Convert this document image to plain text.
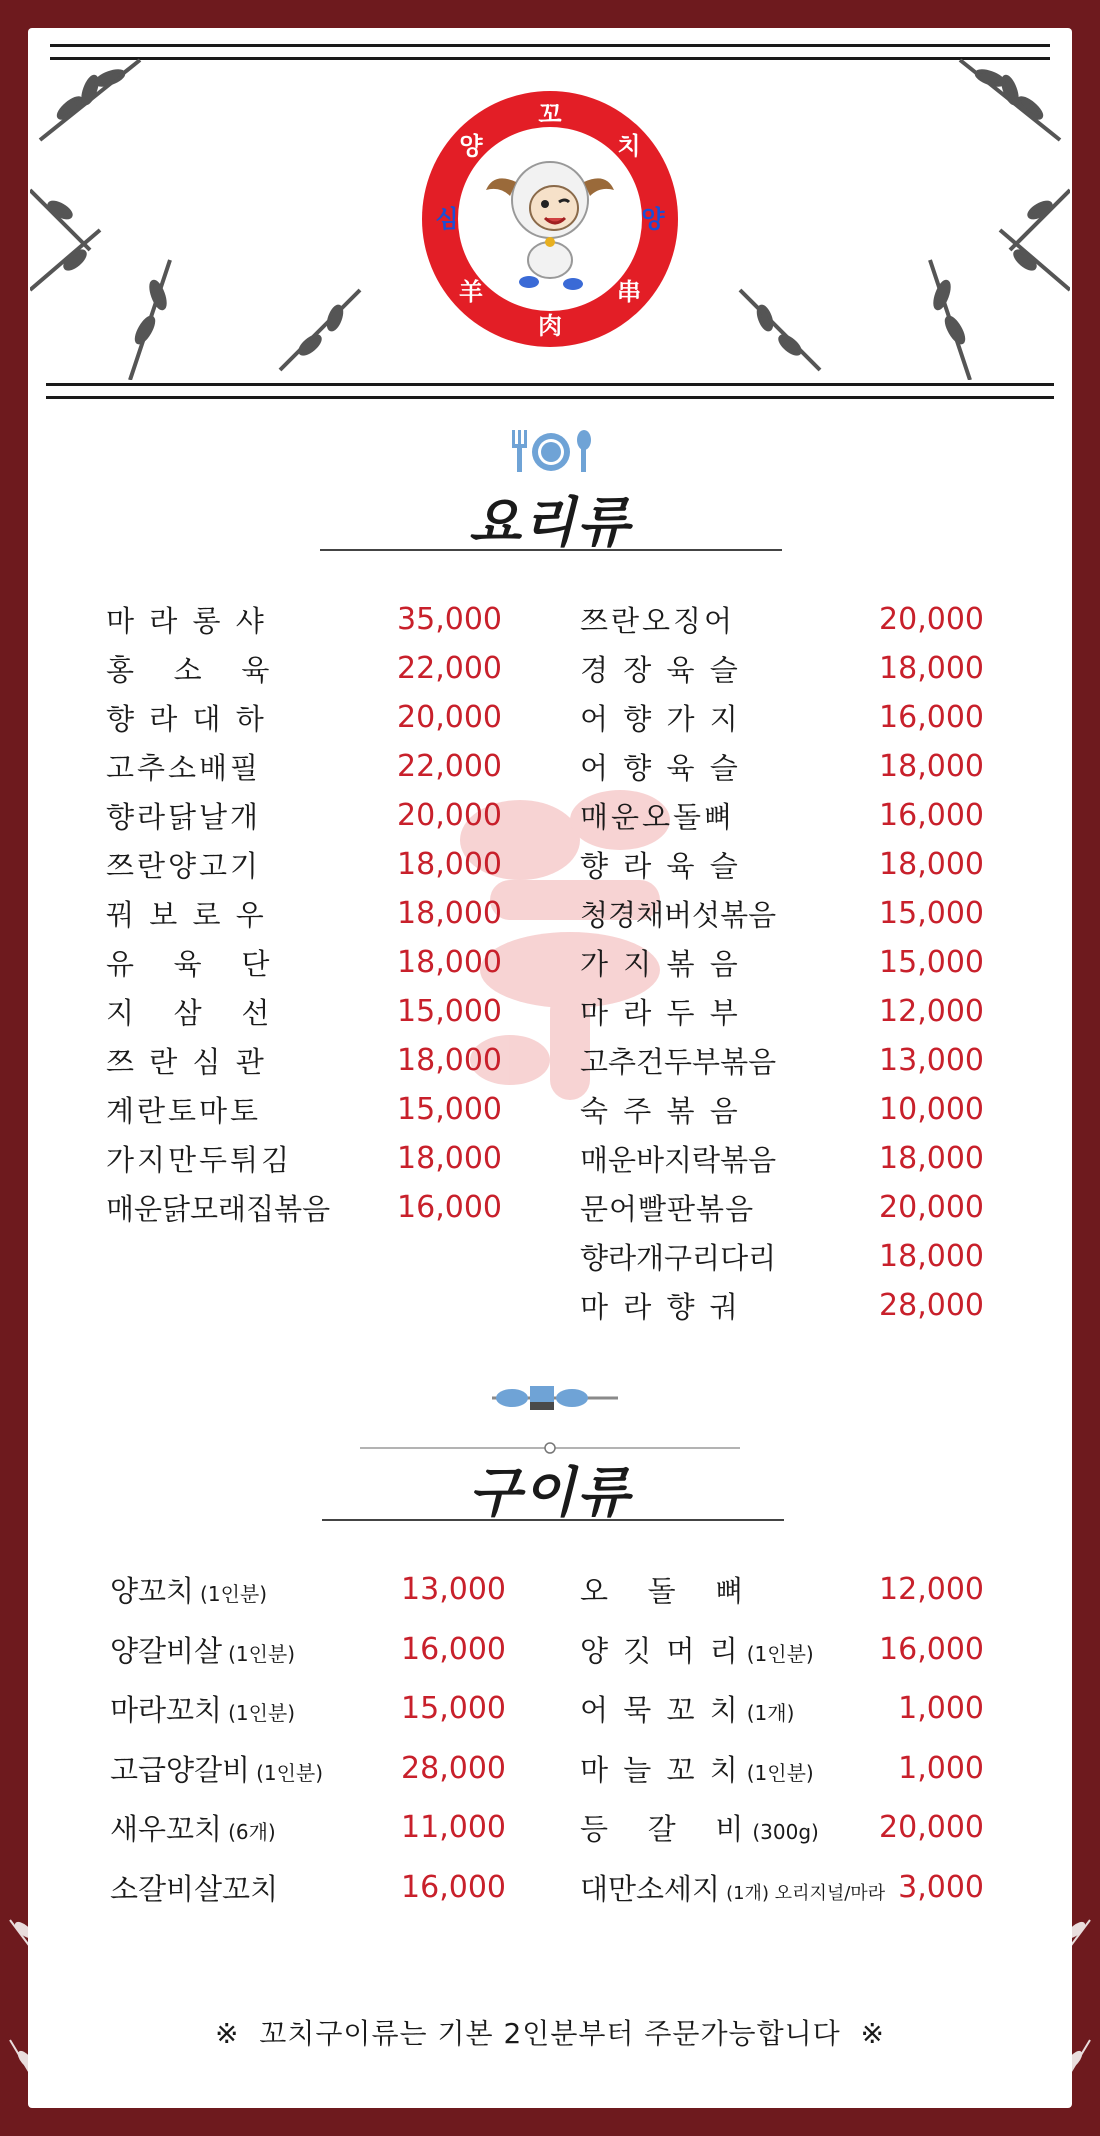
꼬
치
양
串
肉
羊
심
양
요리류
마 라 롱 샤	35,000
홍   소   육	22,000
향 라 대 하	20,000
고추소배필	22,000
향라닭날개	20,000
쯔란양고기	18,000
꿔 보 로 우	18,000
유   육   단	18,000
지   삼   선	15,000
쯔 란 심 관	18,000
계란토마토	15,000
가지만두튀김	18,000
매운닭모래집볶음 16,000
쯔란오징어	20,000
경 장 육 슬	18,000
어 향 가 지	16,000
어 향 육 슬	18,000
매운오돌뼈	16,000
향 라 육 슬	18,000
청경채버섯볶음	15,000
가 지 볶 음	15,000
마 라 두 부	12,000
고추건두부볶음	13,000
숙 주 볶 음	10,000
매운바지락볶음	18,000
문어빨판볶음	20,000
향라개구리다리	18,000
마 라 향 궈	28,000
구이류
양꼬치 (1인분)	13,000
양갈비살 (1인분)	16,000
마라꼬치 (1인분)	15,000
고급양갈비 (1인분)	28,000
새우꼬치 (6개)	11,000
소갈비살꼬치	16,000
오   돌   뼈	12,000
양 깃 머 리 (1인분) 16,000
어 묵 꼬 치 (1개)	1,000
마 늘 꼬 치 (1인분)	1,000
등   갈   비 (300g) 20,000
대만소세지 (1개) 오리지널/마라 3,000
※  꼬치구이류는 기본 2인분부터 주문가능합니다  ※
